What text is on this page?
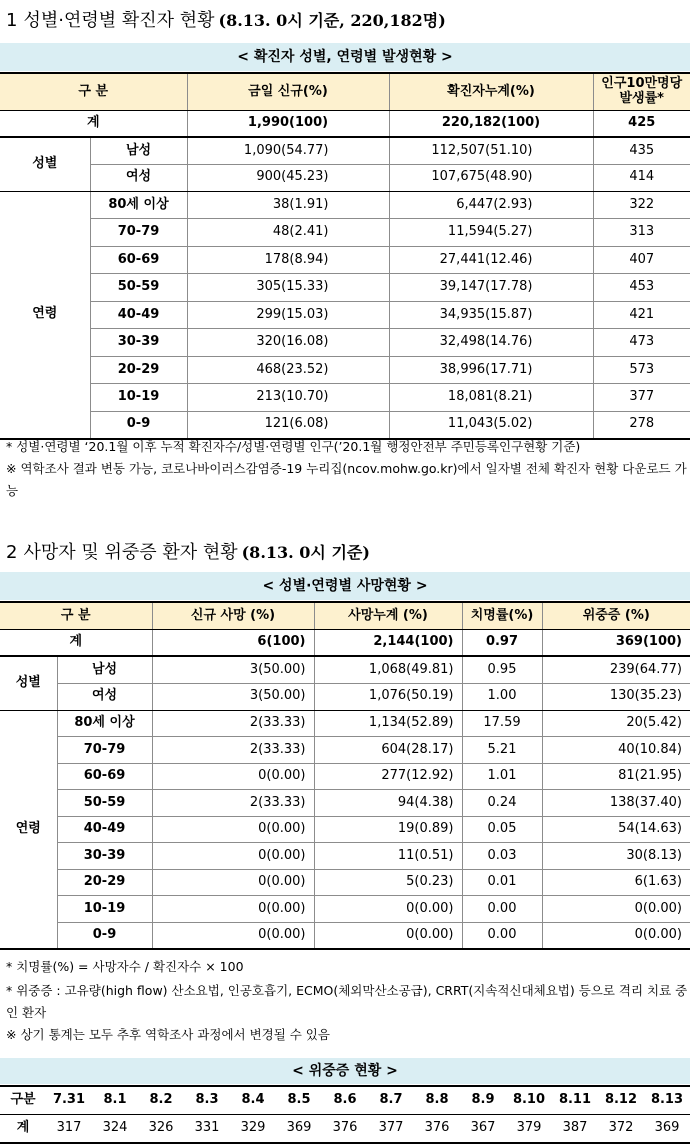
1 성별·연령별 확진자 현황 (8.13. 0시 기준, 220,182명)
< 확진자 성별, 연령별 발생현황 >
구 분		금일 신규(%)	확진자누계(%)	인구10만명당
발생률*
계		1,990(100)	220,182(100)	425
성별	남성	1,090(54.77)	112,507(51.10)	435
	여성	900(45.23)	107,675(48.90)	414
연령	80세 이상	38(1.91)	6,447(2.93)	322
	70-79	48(2.41)	11,594(5.27)	313
	60-69	178(8.94)	27,441(12.46)	407
	50-59	305(15.33)	39,147(17.78)	453
	40-49	299(15.03)	34,935(15.87)	421
	30-39	320(16.08)	32,498(14.76)	473
	20-29	468(23.52)	38,996(17.71)	573
	10-19	213(10.70)	18,081(8.21)	377
	0-9	121(6.08)	11,043(5.02)	278
* 성별·연령별 ‘20.1월 이후 누적 확진자수/성별·연령별 인구(’20.1월 행정안전부 주민등록인구현황 기준)
※ 역학조사 결과 변동 가능, 코로나바이러스감염증-19 누리집(ncov.mohw.go.kr)에서 일자별 전체 확진자 현황 다운로드 가능
2 사망자 및 위중증 환자 현황 (8.13. 0시 기준)
< 성별·연령별 사망현황 >
구 분		신규 사망 (%)	사망누계 (%)	치명률(%)	위중증 (%)
계		6(100)	2,144(100)	0.97	369(100)
성별	남성	3(50.00)	1,068(49.81)	0.95	239(64.77)
	여성	3(50.00)	1,076(50.19)	1.00	130(35.23)
연령	80세 이상	2(33.33)	1,134(52.89)	17.59	20(5.42)
	70-79	2(33.33)	604(28.17)	5.21	40(10.84)
	60-69	0(0.00)	277(12.92)	1.01	81(21.95)
	50-59	2(33.33)	94(4.38)	0.24	138(37.40)
	40-49	0(0.00)	19(0.89)	0.05	54(14.63)
	30-39	0(0.00)	11(0.51)	0.03	30(8.13)
	20-29	0(0.00)	5(0.23)	0.01	6(1.63)
	10-19	0(0.00)	0(0.00)	0.00	0(0.00)
	0-9	0(0.00)	0(0.00)	0.00	0(0.00)
* 치명률(%) = 사망자수 / 확진자수 × 100
* 위중증 : 고유량(high flow) 산소요법, 인공호흡기, ECMO(체외막산소공급), CRRT(지속적신대체요법) 등으로 격리 치료 중인 환자
※ 상기 통계는 모두 추후 역학조사 과정에서 변경될 수 있음
< 위중증 현황 >
구분	7.31	8.1	8.2	8.3	8.4	8.5	8.6	8.7	8.8	8.9	8.10	8.11	8.12	8.13
계	317	324	326	331	329	369	376	377	376	367	379	387	372	369
